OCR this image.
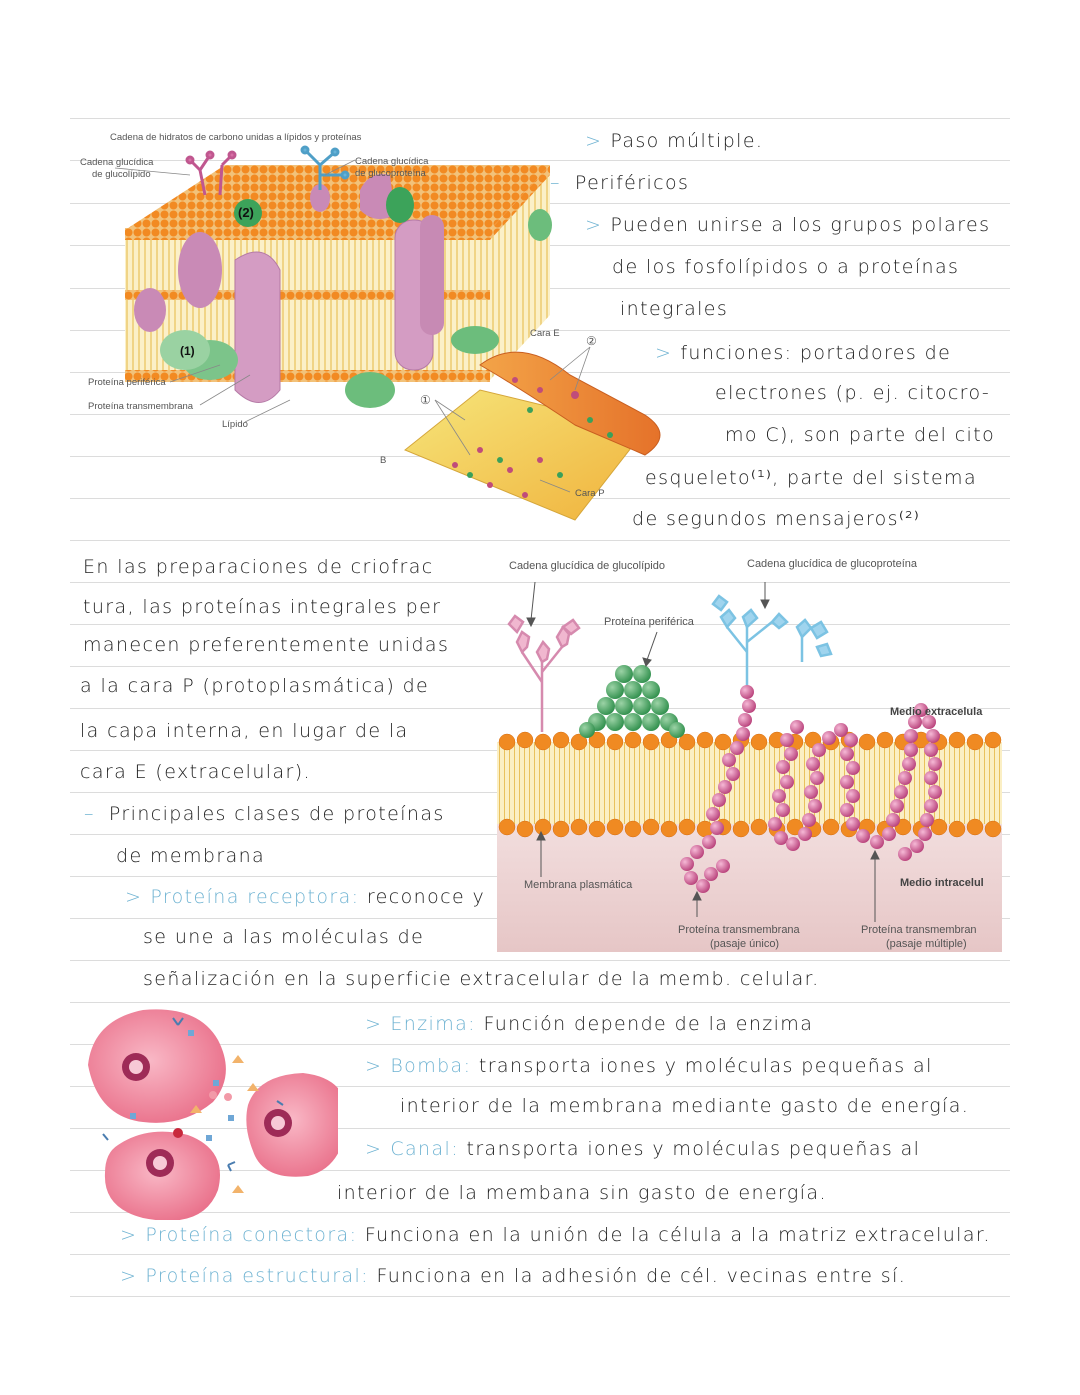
Cadena de hidratos de carbono unidas a lípidos y proteínas
Cadena glucídica
de glucolípido
Cadena glucídica
de glucoproteína
(2)
(1)
Proteína periférica
Proteína transmembrana
Lípido
Cara E
Cara P
B
①
②
> Paso múltiple.
– Periféricos
> Pueden unirse a los grupos polares
de los fosfolípidos o a proteínas
integrales
> funciones: portadores de
electrones (p. ej. citocro-
mo C), son parte del cito
esqueleto⁽¹⁾, parte del sistema
de segundos mensajeros⁽²⁾
En las preparaciones de criofrac
tura, las proteínas integrales per
manecen preferentemente unidas
a la cara P (protoplasmática) de
la capa interna, en lugar de la
cara E (extracelular).
– Principales clases de proteínas
de membrana
> Proteína receptora: reconoce y
se une a las moléculas de
señalización en la superficie extracelular de la memb. celular.
Cadena glucídica de glucolípido	Cadena glucídica de glucoproteína
Proteína periférica
Medio extracelula
Medio intracelul
Membrana plasmática
Proteína transmembrana
(pasaje único)
Proteína transmembran
(pasaje múltiple)
> Enzima: Función depende de la enzima
> Bomba: transporta iones y moléculas pequeñas al
interior de la membrana mediante gasto de energía.
> Canal: transporta iones y moléculas pequeñas al
interior de la membana sin gasto de energía.
> Proteína conectora: Funciona en la unión de la célula a la matriz extracelular.
> Proteína estructural: Funciona en la adhesión de cél. vecinas entre sí.
